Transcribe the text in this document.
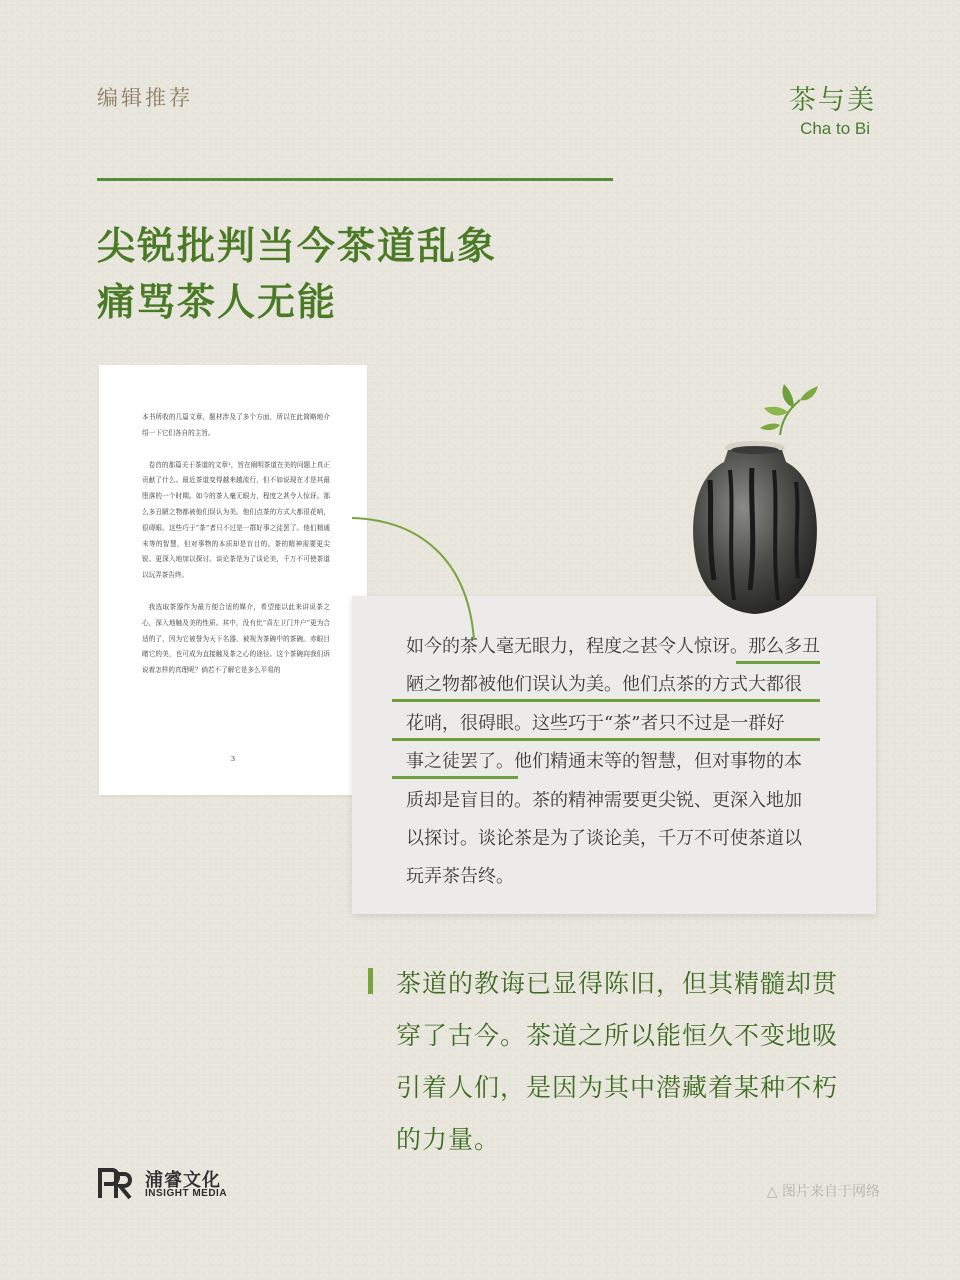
编辑推荐	茶与美
Cha to Bi
尖锐批判当今茶道乱象
痛骂茶人无能

本书所收的几篇文章，题材涉及了多个方面，所以在此简略地介绍一下它们各自的主旨。

卷首的那篇关于茶道的文章¹，旨在阐明茶道在美的问题上真正贡献了什么。最近茶道变得越来越流行，但不如说现在才是其最堕落的一个时期。如今的茶人毫无眼力，程度之甚令人惊讶。那么多丑陋之物都被他们误认为美。他们点茶的方式大都很花哨，很碍眼。这些巧于“茶”者只不过是一群好事之徒罢了。他们精通末等的智慧，但对事物的本质却是盲目的。茶的精神需要更尖锐、更深入地加以探讨。谈论茶是为了谈论美，千万不可使茶道以玩弄茶告终。

我选取茶器作为最方便合适的媒介，希望能以此来讲说茶之心，深入地触及美的性质。其中，没有比“喜左卫门井户”更为合适的了，因为它被誉为天下名器，被视为茶碗中的茶碗。赤眼目睹它的美，也可成为直接触及茶之心的途径。这个茶碗向我们诉说着怎样的真理呢？倘若不了解它是多么平易的

3
如今的茶人毫无眼力，程度之甚令人惊讶。那么多丑
陋之物都被他们误认为美。他们点茶的方式大都很
花哨，很碍眼。这些巧于“茶”者只不过是一群好
事之徒罢了。他们精通末等的智慧，但对事物的本
质却是盲目的。茶的精神需要更尖锐、更深入地加
以探讨。谈论茶是为了谈论美，千万不可使茶道以
玩弄茶告终。
茶道的教诲已显得陈旧，但其精髓却贯
穿了古今。茶道之所以能恒久不变地吸
引着人们，是因为其中潜藏着某种不朽
的力量。
浦睿文化
INSIGHT MEDIA	△ 图片来自于网络
